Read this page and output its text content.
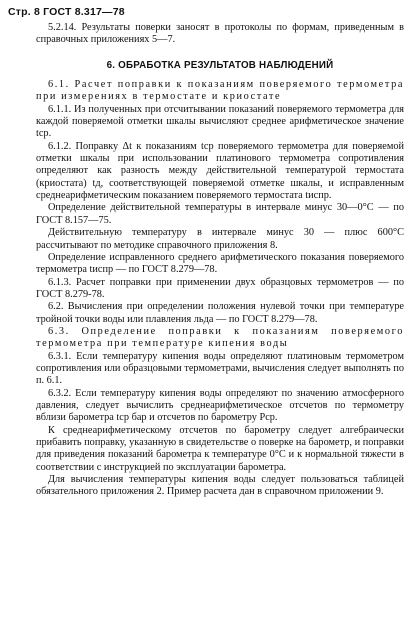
Стр. 8 ГОСТ 8.317—78

5.2.14. Результаты поверки заносят в протоколы по формам, приведенным в справочных приложениях 5—7.

6. ОБРАБОТКА РЕЗУЛЬТАТОВ НАБЛЮДЕНИЙ

6.1. Расчет поправки к показаниям поверяемого термометра при измерениях в термостате и криостате

6.1.1. Из полученных при отсчитывании показаний поверяемого термометра для каждой поверяемой отметки шкалы вычисляют среднее арифметическое значение tср.

6.1.2. Поправку Δt к показаниям tср поверяемого термометра для поверяемой отметки шкалы при использовании платинового термометра сопротивления определяют как разность между действительной температурой термостата (криостата) tд, соответствующей поверяемой отметке шкалы, и исправленным среднеарифметическим показанием поверяемого термостата tиспр.

Определение действительной температуры в интервале минус 30—0°С — по ГОСТ 8.157—75.

Действительную температуру в интервале минус 30 — плюс 600°С рассчитывают по методике справочного приложения 8.

Определение исправленного среднего арифметического показания поверяемого термометра tиспр — по ГОСТ 8.279—78.

6.1.3. Расчет поправки при применении двух образцовых термометров — по ГОСТ 8.279-78.

6.2. Вычисления при определении положения нулевой точки при температуре тройной точки воды или плавления льда — по ГОСТ 8.279—78.

6.3. Определение поправки к показаниям поверяемого термометра при температуре кипения воды

6.3.1. Если температуру кипения воды определяют платиновым термометром сопротивления или образцовыми термометрами, вычисления следует выполнять по п. 6.1.

6.3.2. Если температуру кипения воды определяют по значению атмосферного давления, следует вычислить среднеарифметическое отсчетов по термометру вблизи барометра tср бар и отсчетов по барометру Рср.

К среднеарифметическому отсчетов по барометру следует алгебраически прибавить поправку, указанную в свидетельстве о поверке на барометр, и поправки для приведения показаний барометра к температуре 0°С и к нормальной тяжести в соответствии с инструкцией по эксплуатации барометра.

Для вычисления температуры кипения воды следует пользоваться таблицей обязательного приложения 2. Пример расчета дан в справочном приложении 9.
